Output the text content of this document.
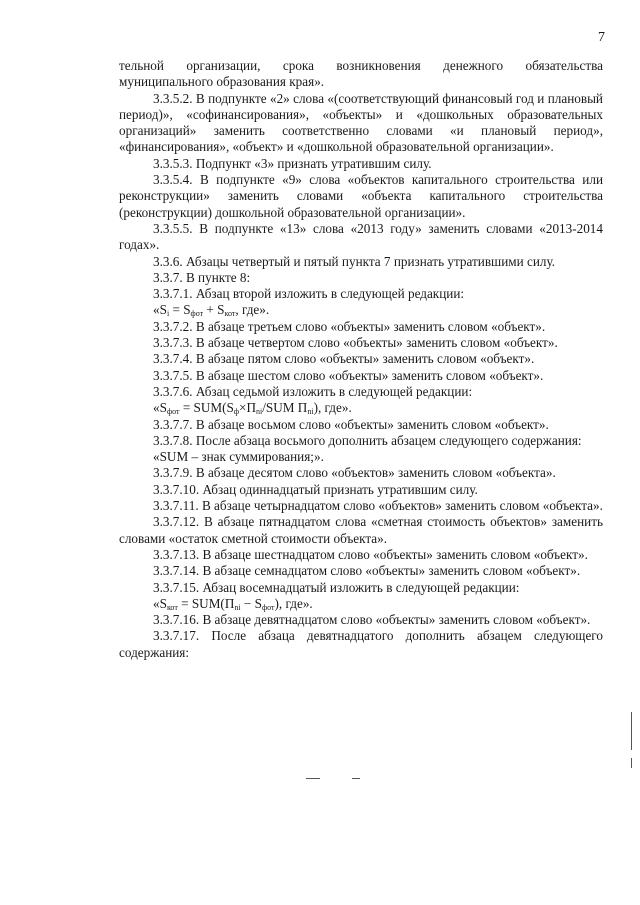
7

тельной организации, срока возникновения денежного обязательства муниципального образования края».

3.3.5.2. В подпункте «2» слова «(соответствующий финансовый год и плановый период)», «софинансирования», «объекты» и «дошкольных образовательных организаций» заменить соответственно словами «и плановый период», «финансирования», «объект» и «дошкольной образовательной организации».

3.3.5.3. Подпункт «3» признать утратившим силу.

3.3.5.4. В подпункте «9» слова «объектов капитального строительства или реконструкции» заменить словами «объекта капитального строительства (реконструкции) дошкольной образовательной организации».

3.3.5.5. В подпункте «13» слова «2013 году» заменить словами «2013-2014 годах».

3.3.6. Абзацы четвертый и пятый пункта 7 признать утратившими силу.

3.3.7. В пункте 8:

3.3.7.1. Абзац второй изложить в следующей редакции:

«$S_i = S_{фот} + S_{кот}$, где».

3.3.7.2. В абзаце третьем слово «объекты» заменить словом «объект».

3.3.7.3. В абзаце четвертом слово «объекты» заменить словом «объект».

3.3.7.4. В абзаце пятом слово «объекты» заменить словом «объект».

3.3.7.5. В абзаце шестом слово «объекты» заменить словом «объект».

3.3.7.6. Абзац седьмой изложить в следующей редакции:

«$S_{фот} = SUM(S_ф\times П_{ni}/SUM$ $П_{ni}$), где».

3.3.7.7. В абзаце восьмом слово «объекты» заменить словом «объект».

3.3.7.8. После абзаца восьмого дополнить абзацем следующего содержания:

«SUM – знак суммирования;».

3.3.7.9. В абзаце десятом слово «объектов» заменить словом «объекта».

3.3.7.10. Абзац одиннадцатый признать утратившим силу.

3.3.7.11. В абзаце четырнадцатом слово «объектов» заменить словом «объекта».

3.3.7.12. В абзаце пятнадцатом слова «сметная стоимость объектов» заменить словами «остаток сметной стоимости объекта».

3.3.7.13. В абзаце шестнадцатом слово «объекты» заменить словом «объект».

3.3.7.14. В абзаце семнадцатом слово «объекты» заменить словом «объект».

3.3.7.15. Абзац восемнадцатый изложить в следующей редакции:

«$S_{кот} = SUM(П_{ni} - S_{фот})$, где».

3.3.7.16. В абзаце девятнадцатом слово «объекты» заменить словом «объект».

3.3.7.17. После абзаца девятнадцатого дополнить абзацем следующего содержания:
